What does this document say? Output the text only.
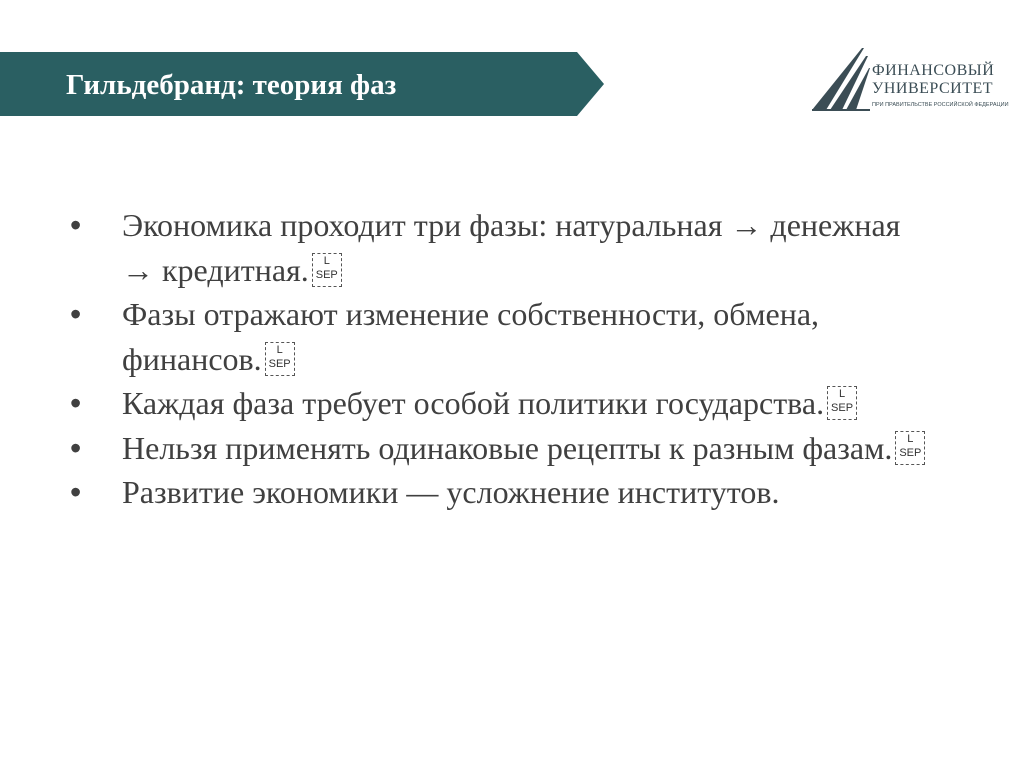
Гильдебранд: теория фаз	ФИНАНСОВЫЙ
УНИВЕРСИТЕТ
ПРИ ПРАВИТЕЛЬСТВЕ РОССИЙСКОЙ ФЕДЕРАЦИИ
• Экономика проходит три фазы: натуральная → денежная → кредитная.	L
SEP
• Фазы отражают изменение собственности, обмена, финансов.	L
SEP
• Каждая фаза требует особой политики государства.	L
SEP
• Нельзя применять одинаковые рецепты к разным фазам.	L
SEP
• Развитие экономики — усложнение институтов.
